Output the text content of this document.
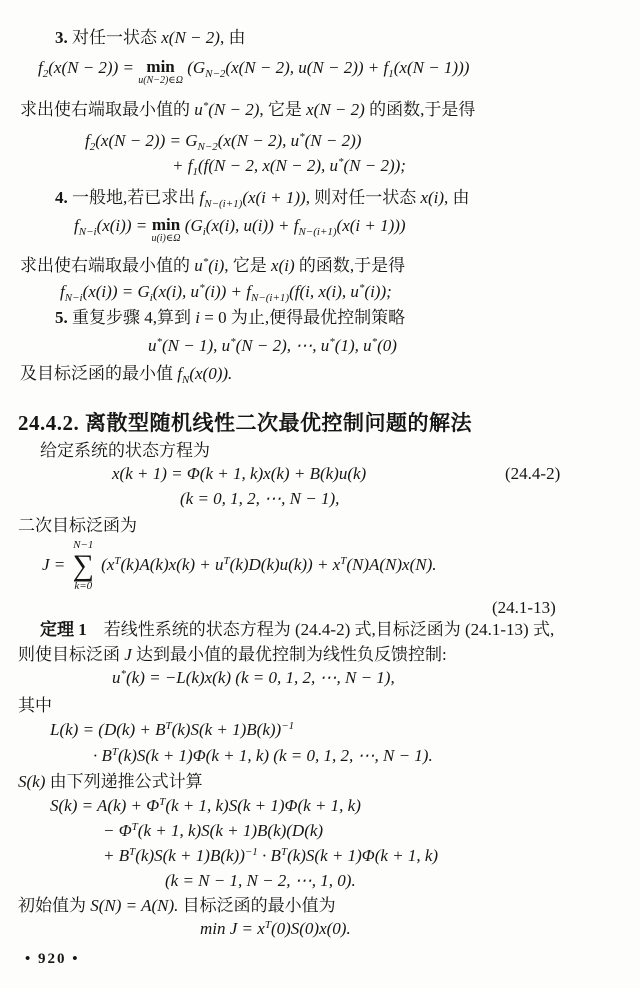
24.4.2. 离散型随机线性二次最优控制问题的解法
• 920 •
3. 对任一状态 x(N − 2), 由
$f_2(x(N - 2)) = \min$
u(N−2)∈Ω
($G_{N-2}(x(N - 2)$, $u(N - 2)) + f_1(x(N - 1))$)
求出使右端取最小值的 u*(N − 2), 它是 x(N − 2) 的函数,于是得
$f_2(x(N - 2)) = G_{N-2}(x(N - 2)$, u*(N − 2))
+ $f_1(f(N - 2$, x(N − 2), u*(N − 2));
4. 一般地,若已求出 $f_{N-(i+1)}(x(i + 1))$, 则对任一状态 x(i), 由
$f_{N-i}(x(i)) = \min$
u(i)∈Ω
($G_i(x(i)$, $u(i)) + f_{N-(i+1)}(x(i + 1))$)
求出使右端取最小值的 u*(i), 它是 x(i) 的函数,于是得
$f_{N-i}(x(i)) = G_i(x(i)$, $u^*(i)) + f_{N-(i+1)}(f(i$, x(i), u*(i));
5. 重复步骤 4,算到 i = 0 为止,便得最优控制策略
u*(N − 1), u*(N − 2), ⋯, u*(1), u*(0)
及目标泛函的最小值 $f_N(x(0))$.
给定系统的状态方程为
x(k + 1) = Φ(k + 1, k)x(k) + B(k)u(k)	(24.4-2)
(k = 0, 1, 2, ⋯, N − 1),
二次目标泛函为
J =
N−1
∑
k=0
$(x^T(k)A(k)x(k) + u^T(k)D(k)u(k)) + x^T(N)A(N)x(N)$.
(24.1-13)
定理 1　若线性系统的状态方程为 (24.4-2) 式,目标泛函为 (24.1-13) 式,
则使目标泛函 J 达到最小值的最优控制为线性负反馈控制:
u*(k) = −L(k)x(k) (k = 0, 1, 2, ⋯, N − 1),
其中
$L(k) = (D(k) + B^T(k)S(k + 1)B(k))^{-1}$
· $B^T(k)S(k + 1)\Phi(k + 1$, k) (k = 0, 1, 2, ⋯, N − 1).
S(k) 由下列递推公式计算
$S(k) = A(k) + \Phi^T(k + 1$, k)S(k + 1)Φ(k + 1, k)
− $\Phi^T(k + 1$, k)S(k + 1)B(k)(D(k)
+ $B^T(k)S(k + 1)B(k))^{-1} \cdot B^T(k)S(k + 1)\Phi(k + 1$, k)
(k = N − 1, N − 2, ⋯, 1, 0).
初始值为 S(N) = A(N). 目标泛函的最小值为
$\min J = x^T(0)S(0)x(0)$.
